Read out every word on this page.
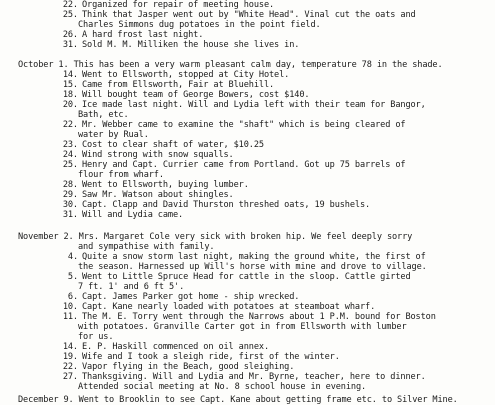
22. Organized for repair of meeting house.
25. Think that Jasper went out by "White Head". Vinal cut the oats and
Charles Simmons dug potatoes in the point field.
26. A hard frost last night.
31. Sold M. M. Milliken the house she lives in.
October 1. This has been a very warm pleasant calm day, temperature 78 in the shade.
14. Went to Ellsworth, stopped at City Hotel.
15. Came from Ellsworth, Fair at Bluehill.
18. Will bought team of George Bowers, cost $140.
20. Ice made last night. Will and Lydia left with their team for Bangor,
Bath, etc.
22. Mr. Webber came to examine the "shaft" which is being cleared of
water by Rual.
23. Cost to clear shaft of water, $10.25
24. Wind strong with snow squalls.
25. Henry and Capt. Currier came from Portland. Got up 75 barrels of
flour from wharf.
28. Went to Ellsworth, buying lumber.
29. Saw Mr. Watson about shingles.
30. Capt. Clapp and David Thurston threshed oats, 19 bushels.
31. Will and Lydia came.
November 2. Mrs. Margaret Cole very sick with broken hip. We feel deeply sorry
and sympathise with family.
4. Quite a snow storm last night, making the ground white, the first of
the season. Harnessed up Will's horse with mine and drove to village.
5. Went to Little Spruce Head for cattle in the sloop. Cattle girted
7 ft. 1' and 6 ft 5'.
6. Capt. James Parker got home - ship wrecked.
10. Capt. Kane nearly loaded with potatoes at steamboat wharf.
11. The M. E. Torry went through the Narrows about 1 P.M. bound for Boston
with potatoes. Granville Carter got in from Ellsworth with lumber
for us.
14. E. P. Haskill commenced on oil annex.
19. Wife and I took a sleigh ride, first of the winter.
22. Vapor flying in the Beach, good sleighing.
27. Thanksgiving. Will and Lydia and Mr. Byrne, teacher, here to dinner.
Attended social meeting at No. 8 school house in evening.
December 9. Went to Brooklin to see Capt. Kane about getting frame etc. to Silver Mine.
